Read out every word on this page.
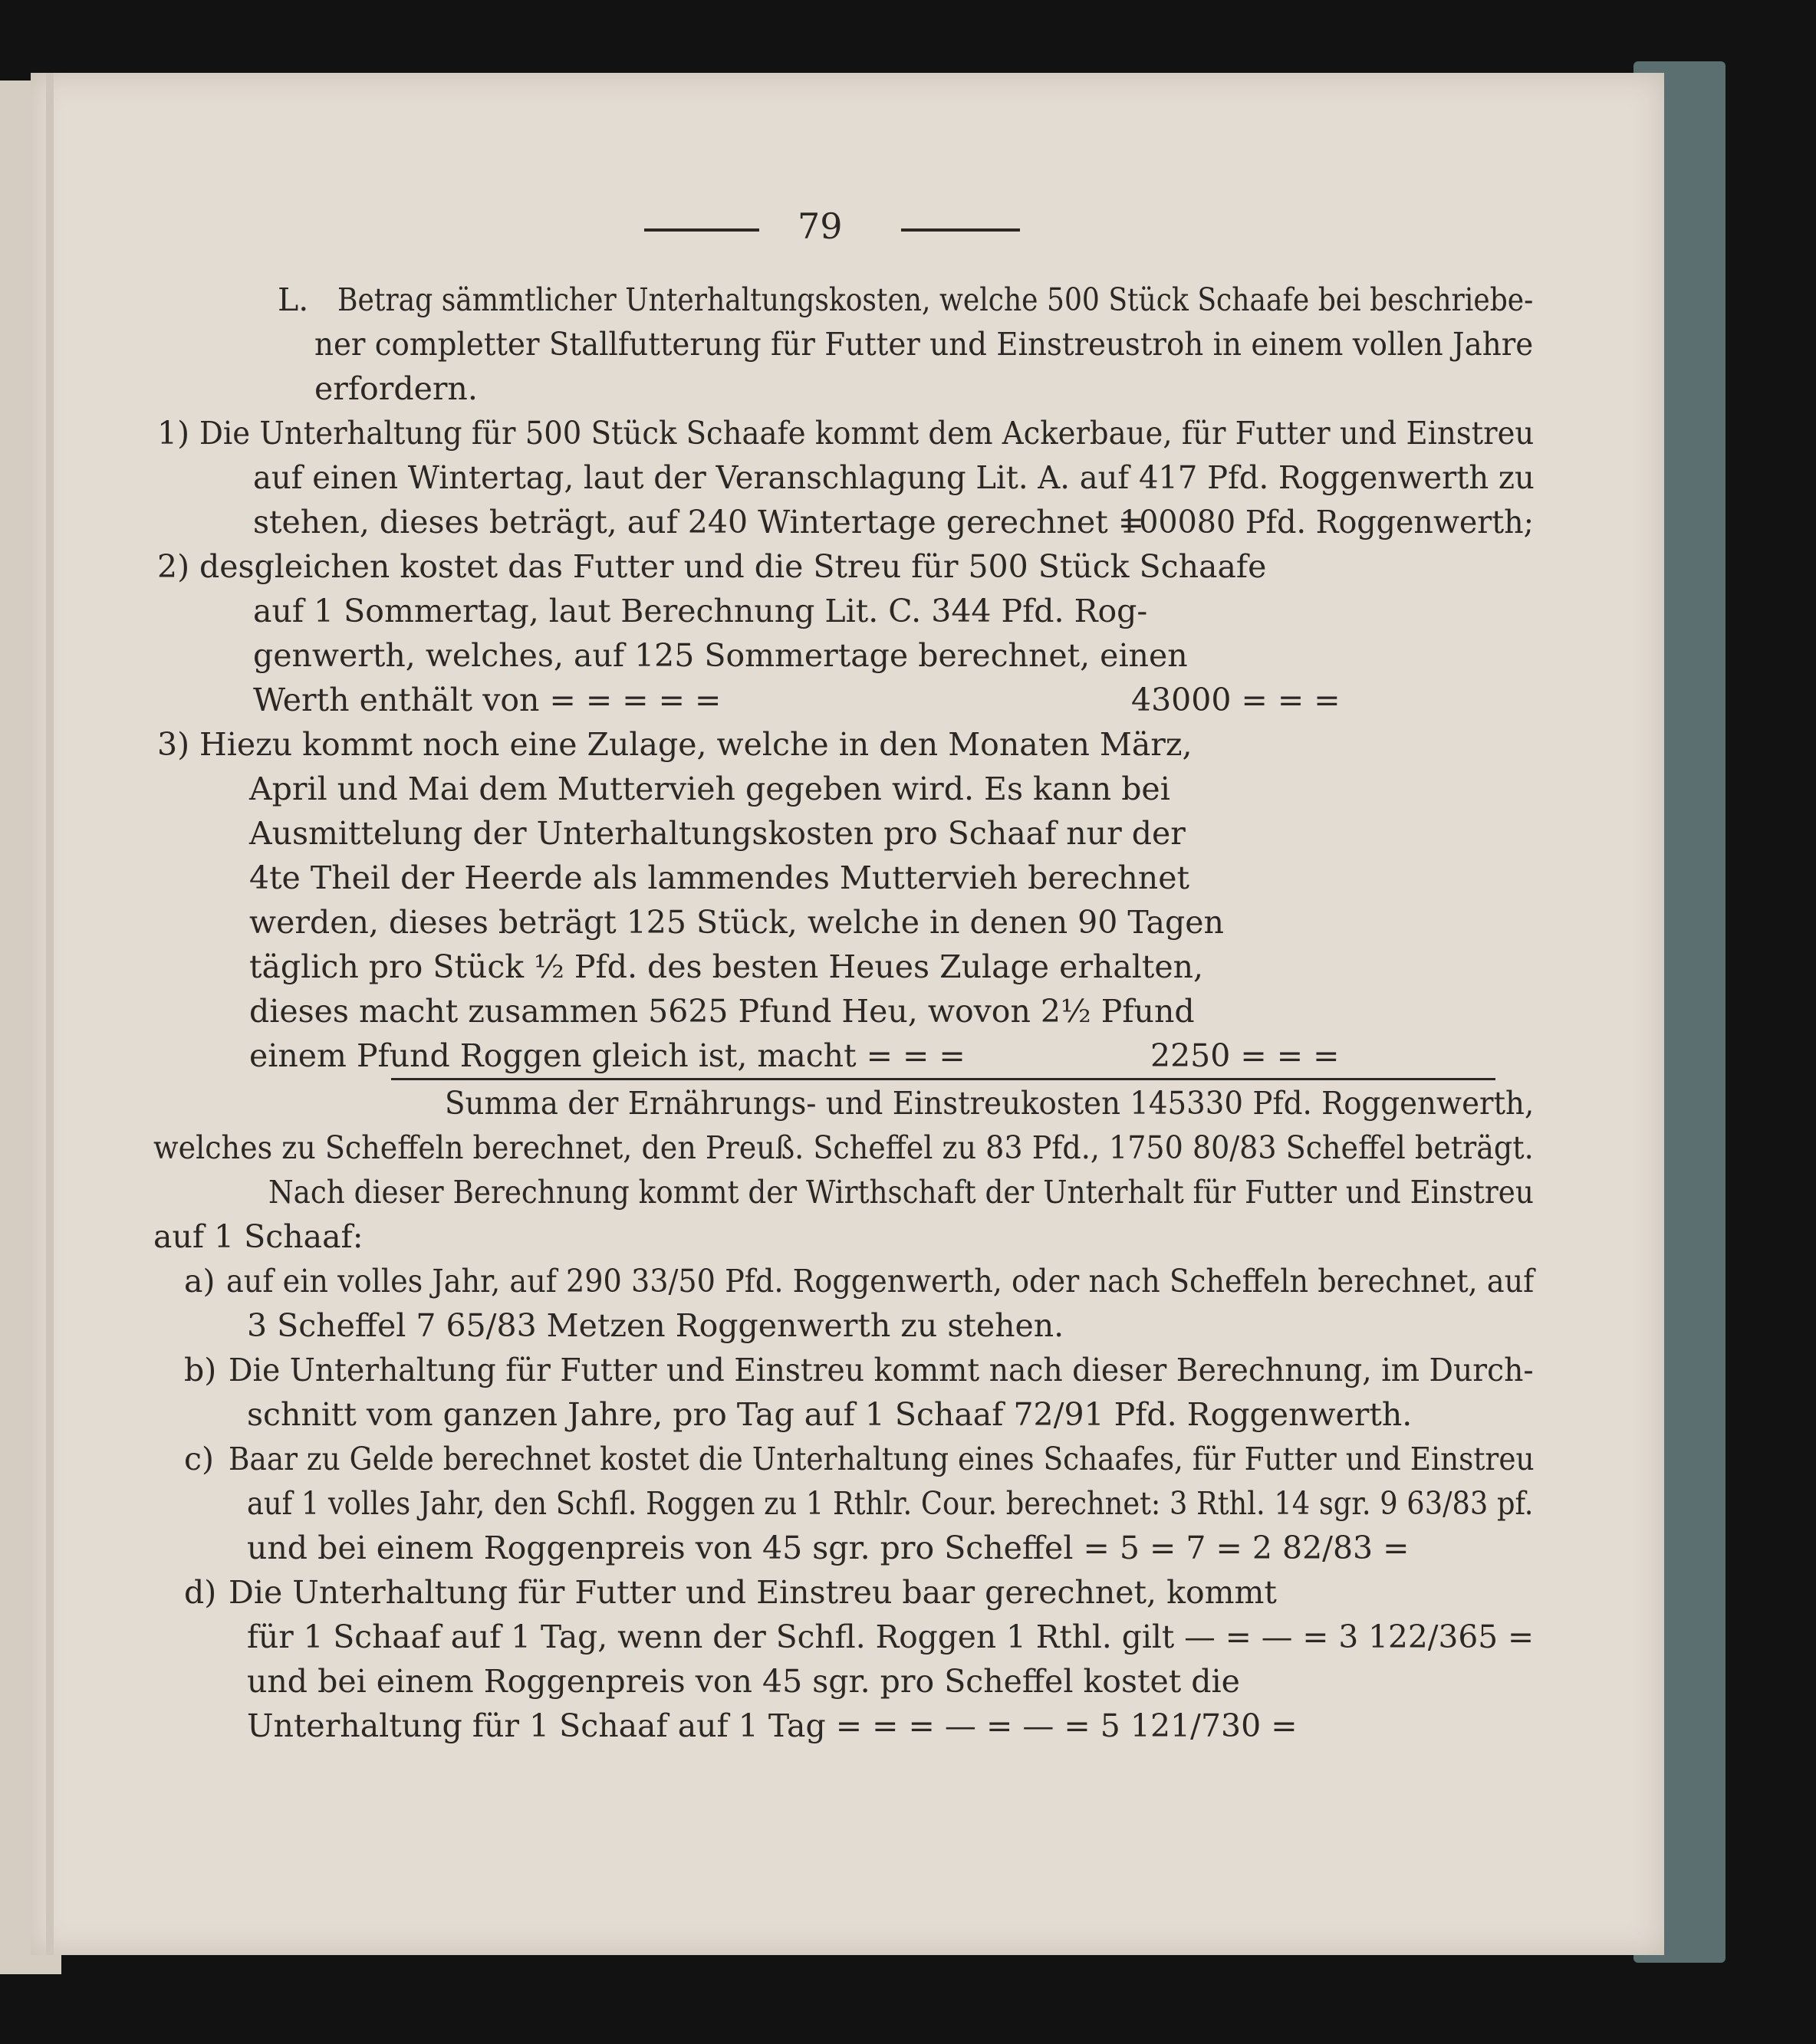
79
L. Betrag sämmtlicher Unterhaltungskosten, welche 500 Stück Schaafe bei beschriebe-
ner completter Stallfutterung für Futter und Einstreustroh in einem vollen Jahre
erfordern.
1) Die Unterhaltung für 500 Stück Schaafe kommt dem Ackerbaue, für Futter und Einstreu
auf einen Wintertag, laut der Veranschlagung Lit. A. auf 417 Pfd. Roggenwerth zu
stehen, dieses beträgt, auf 240 Wintertage gerechnet =
100080 Pfd. Roggenwerth;
2) desgleichen kostet das Futter und die Streu für 500 Stück Schaafe
auf 1 Sommertag, laut Berechnung Lit. C. 344 Pfd. Rog-
genwerth, welches, auf 125 Sommertage berechnet, einen
Werth enthält von = = = = =	43000 = = =
3) Hiezu kommt noch eine Zulage, welche in den Monaten März,
April und Mai dem Muttervieh gegeben wird. Es kann bei
Ausmittelung der Unterhaltungskosten pro Schaaf nur der
4te Theil der Heerde als lammendes Muttervieh berechnet
werden, dieses beträgt 125 Stück, welche in denen 90 Tagen
täglich pro Stück ½ Pfd. des besten Heues Zulage erhalten,
dieses macht zusammen 5625 Pfund Heu, wovon 2½ Pfund
einem Pfund Roggen gleich ist, macht = = =	2250 = = =
Summa der Ernährungs- und Einstreukosten 145330 Pfd. Roggenwerth,
welches zu Scheffeln berechnet, den Preuß. Scheffel zu 83 Pfd., 1750 80/83 Scheffel beträgt.
Nach dieser Berechnung kommt der Wirthschaft der Unterhalt für Futter und Einstreu
auf 1 Schaaf:
a) auf ein volles Jahr, auf 290 33/50 Pfd. Roggenwerth, oder nach Scheffeln berechnet, auf
3 Scheffel 7 65/83 Metzen Roggenwerth zu stehen.
b) Die Unterhaltung für Futter und Einstreu kommt nach dieser Berechnung, im Durch-
schnitt vom ganzen Jahre, pro Tag auf 1 Schaaf 72/91 Pfd. Roggenwerth.
c) Baar zu Gelde berechnet kostet die Unterhaltung eines Schaafes, für Futter und Einstreu
auf 1 volles Jahr, den Schfl. Roggen zu 1 Rthlr. Cour. berechnet: 3 Rthl. 14 sgr. 9 63/83 pf.
und bei einem Roggenpreis von 45 sgr. pro Scheffel = 5 = 7 = 2 82/83 =
d) Die Unterhaltung für Futter und Einstreu baar gerechnet, kommt
für 1 Schaaf auf 1 Tag, wenn der Schfl. Roggen 1 Rthl. gilt — = — = 3 122/365 =
und bei einem Roggenpreis von 45 sgr. pro Scheffel kostet die
Unterhaltung für 1 Schaaf auf 1 Tag = = = — = — = 5 121/730 =
